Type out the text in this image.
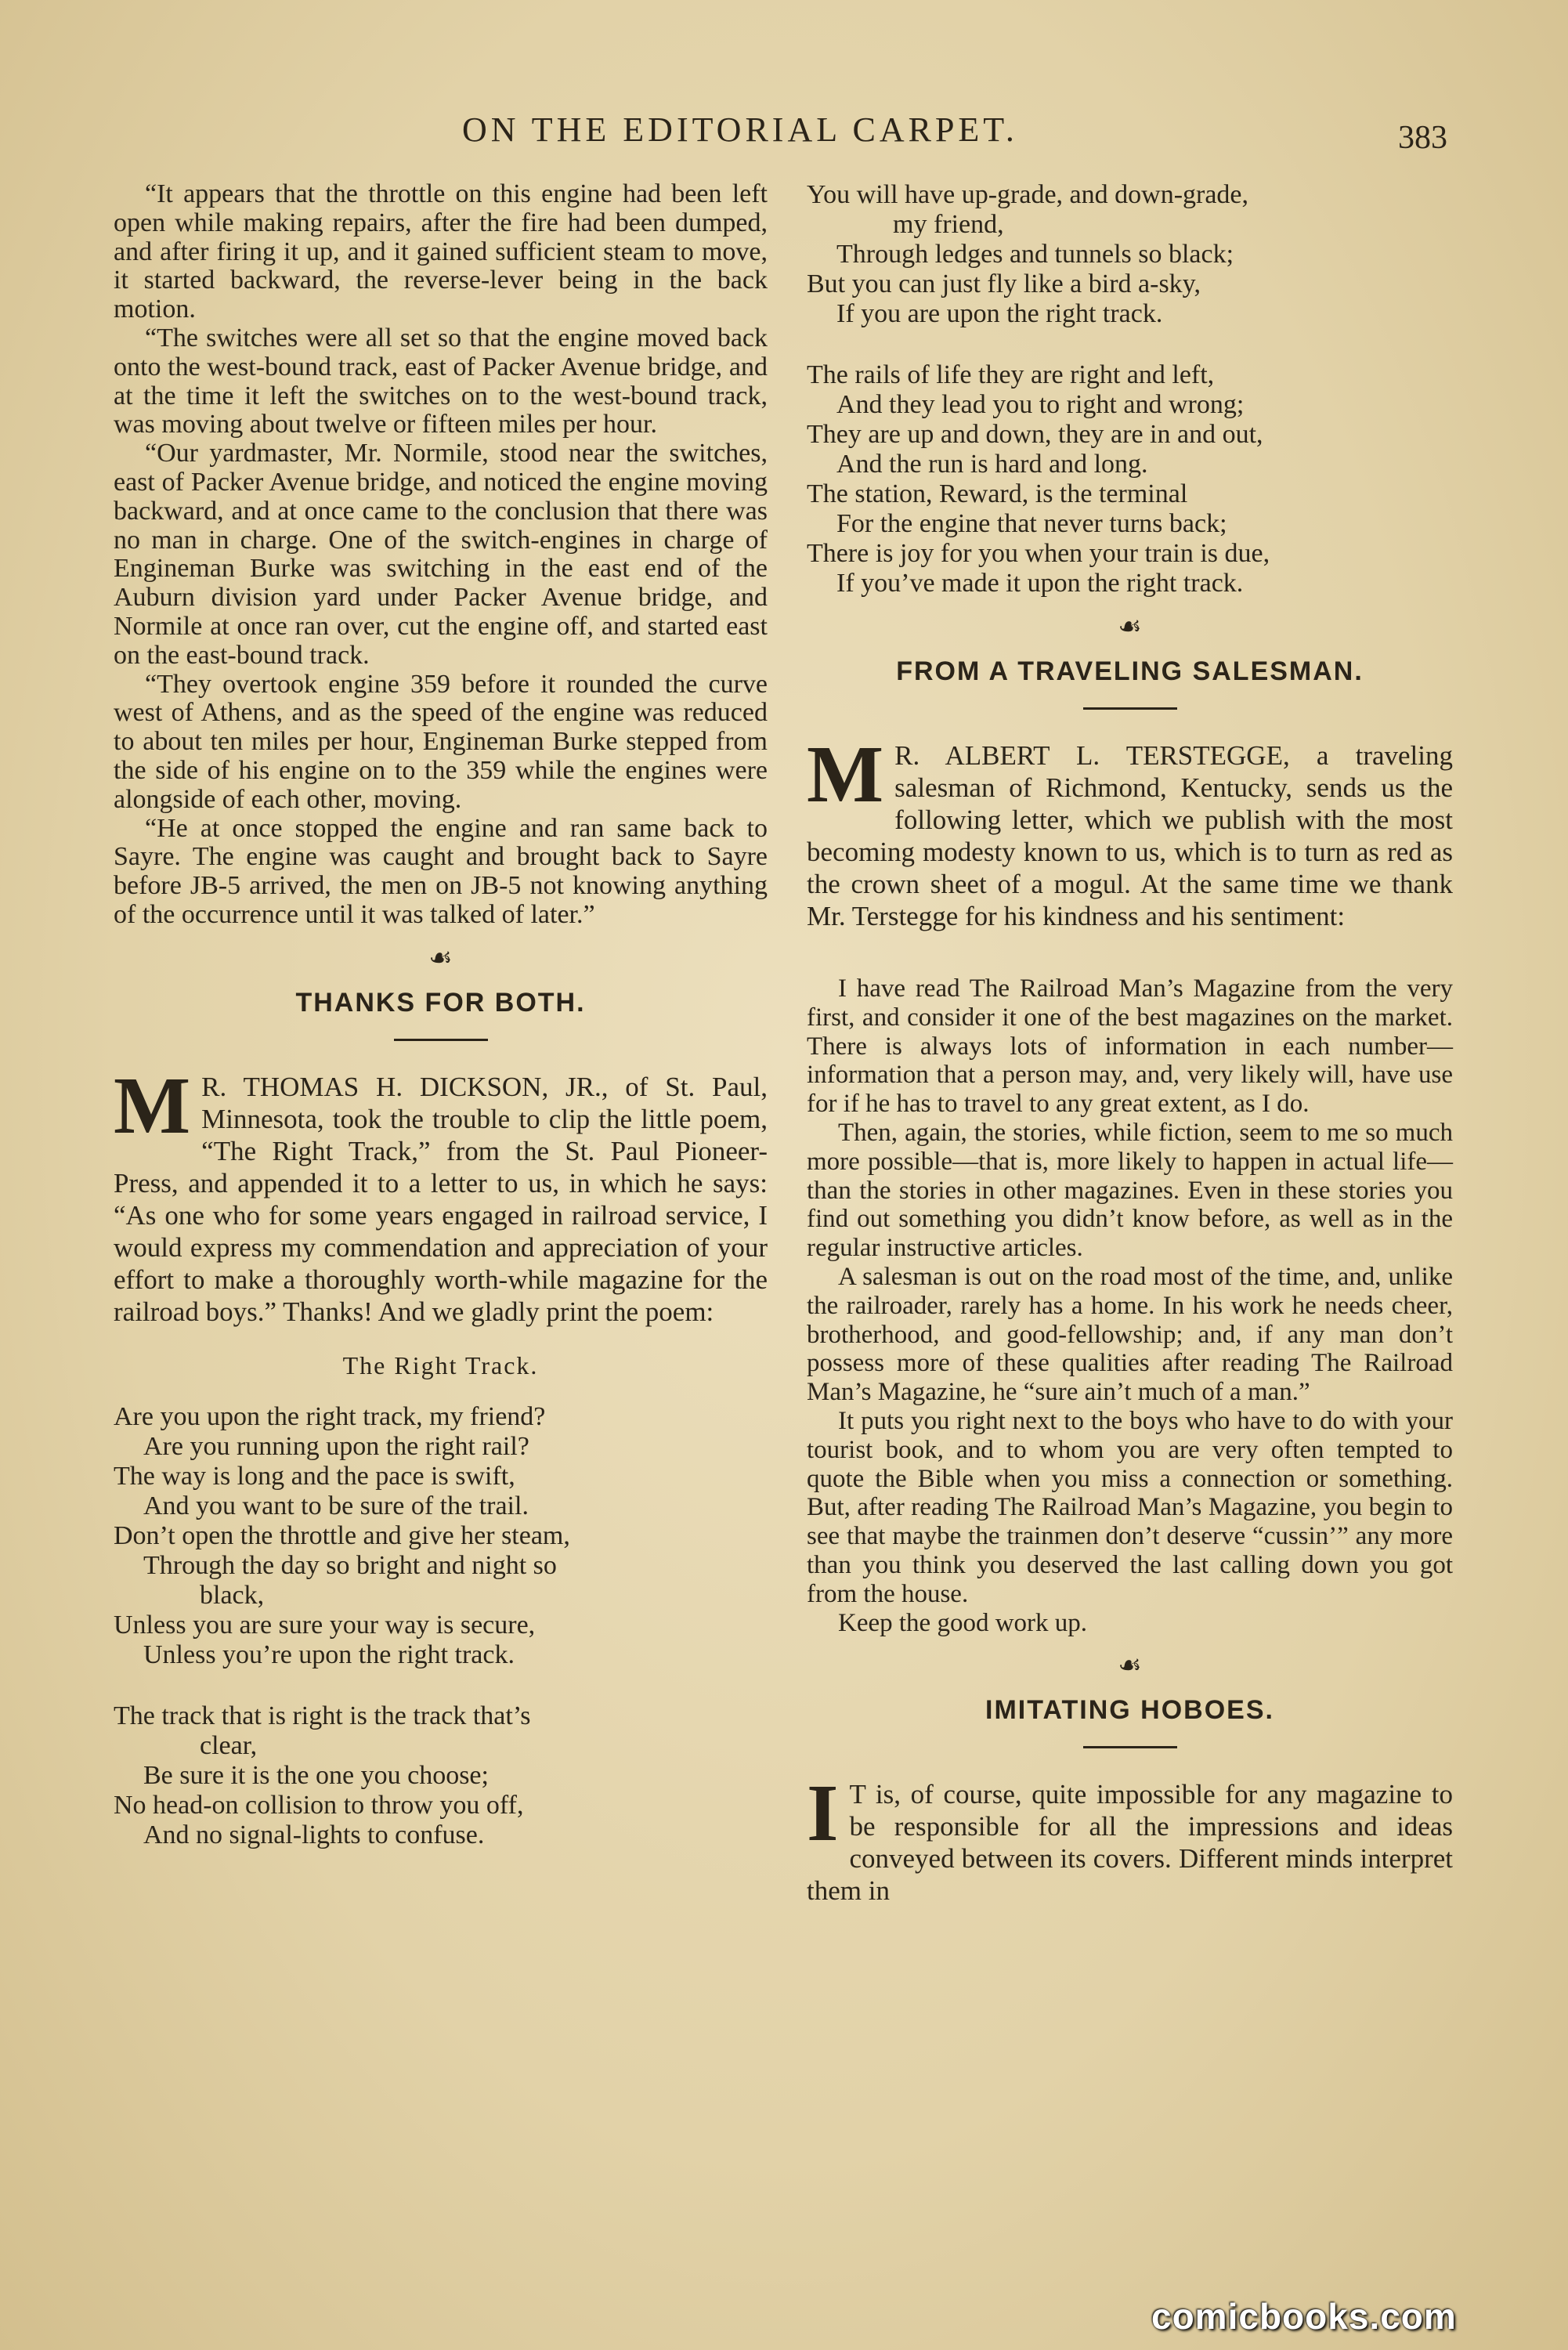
ON THE EDITORIAL CARPET.	383

“It appears that the throttle on this engine had been left open while making repairs, after the fire had been dumped, and after firing it up, and it gained sufficient steam to move, it started backward, the reverse-lever being in the back motion.

“The switches were all set so that the engine moved back onto the west-bound track, east of Packer Avenue bridge, and at the time it left the switches on to the west-bound track, was moving about twelve or fifteen miles per hour.

“Our yardmaster, Mr. Normile, stood near the switches, east of Packer Avenue bridge, and noticed the engine moving backward, and at once came to the conclusion that there was no man in charge. One of the switch-engines in charge of Engineman Burke was switching in the east end of the Auburn division yard under Packer Avenue bridge, and Normile at once ran over, cut the engine off, and started east on the east-bound track.

“They overtook engine 359 before it rounded the curve west of Athens, and as the speed of the engine was reduced to about ten miles per hour, Engineman Burke stepped from the side of his engine on to the 359 while the engines were alongside of each other, moving.

“He at once stopped the engine and ran same back to Sayre. The engine was caught and brought back to Sayre before JB-5 arrived, the men on JB-5 not knowing anything of the occurrence until it was talked of later.”

☙
THANKS FOR BOTH.

M R. THOMAS H. DICKSON, JR., of St. Paul, Minnesota, took the trouble to clip the little poem, “The Right Track,” from the St. Paul Pioneer-Press, and appended it to a letter to us, in which he says: “As one who for some years engaged in railroad service, I would express my commendation and appreciation of your effort to make a thoroughly worth-while magazine for the railroad boys.” Thanks! And we gladly print the poem:

The Right Track.
Are you upon the right track, my friend?
Are you running upon the right rail?
The way is long and the pace is swift,
And you want to be sure of the trail.
Don’t open the throttle and give her steam,
Through the day so bright and night so
black,
Unless you are sure your way is secure,
Unless you’re upon the right track.
The track that is right is the track that’s
clear,
Be sure it is the one you choose;
No head-on collision to throw you off,
And no signal-lights to confuse.
You will have up-grade, and down-grade,
my friend,
Through ledges and tunnels so black;
But you can just fly like a bird a-sky,
If you are upon the right track.
The rails of life they are right and left,
And they lead you to right and wrong;
They are up and down, they are in and out,
And the run is hard and long.
The station, Reward, is the terminal
For the engine that never turns back;
There is joy for you when your train is due,
If you’ve made it upon the right track.
☙
FROM A TRAVELING SALESMAN.

M R. ALBERT L. TERSTEGGE, a traveling salesman of Richmond, Kentucky, sends us the following letter, which we publish with the most becoming modesty known to us, which is to turn as red as the crown sheet of a mogul. At the same time we thank Mr. Terstegge for his kindness and his sentiment:

I have read The Railroad Man’s Magazine from the very first, and consider it one of the best magazines on the market. There is always lots of information in each number—information that a person may, and, very likely will, have use for if he has to travel to any great extent, as I do.

Then, again, the stories, while fiction, seem to me so much more possible—that is, more likely to happen in actual life—than the stories in other magazines. Even in these stories you find out something you didn’t know before, as well as in the regular instructive articles.

A salesman is out on the road most of the time, and, unlike the railroader, rarely has a home. In his work he needs cheer, brotherhood, and good-fellowship; and, if any man don’t possess more of these qualities after reading The Railroad Man’s Magazine, he “sure ain’t much of a man.”

It puts you right next to the boys who have to do with your tourist book, and to whom you are very often tempted to quote the Bible when you miss a connection or something. But, after reading The Railroad Man’s Magazine, you begin to see that maybe the trainmen don’t deserve “cussin’” any more than you think you deserved the last calling down you got from the house.

Keep the good work up.

☙
IMITATING HOBOES.

I T is, of course, quite impossible for any magazine to be responsible for all the impressions and ideas conveyed between its covers. Different minds interpret them in

comicbooks.com
